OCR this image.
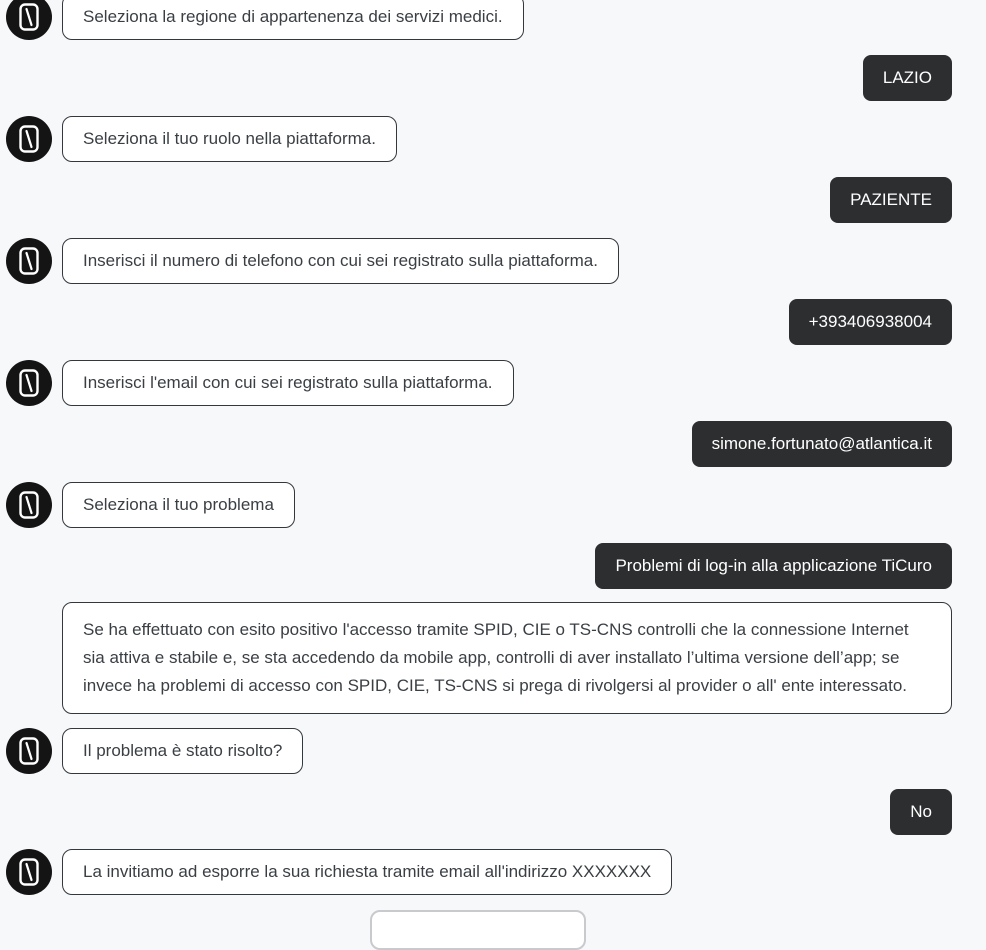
Seleziona la regione di appartenenza dei servizi medici.
LAZIO
Seleziona il tuo ruolo nella piattaforma.
PAZIENTE
Inserisci il numero di telefono con cui sei registrato sulla piattaforma.
+393406938004
Inserisci l'email con cui sei registrato sulla piattaforma.
simone.fortunato@atlantica.it
Seleziona il tuo problema
Problemi di log-in alla applicazione TiCuro
Se ha effettuato con esito positivo l'accesso tramite SPID, CIE o TS-CNS controlli che la connessione Internet sia attiva e stabile e, se sta accedendo da mobile app, controlli di aver installato l’ultima versione dell’app; se invece ha problemi di accesso con SPID, CIE, TS-CNS si prega di rivolgersi al provider o all' ente interessato.
Il problema è stato risolto?
No
La invitiamo ad esporre la sua richiesta tramite email all'indirizzo XXXXXXX
